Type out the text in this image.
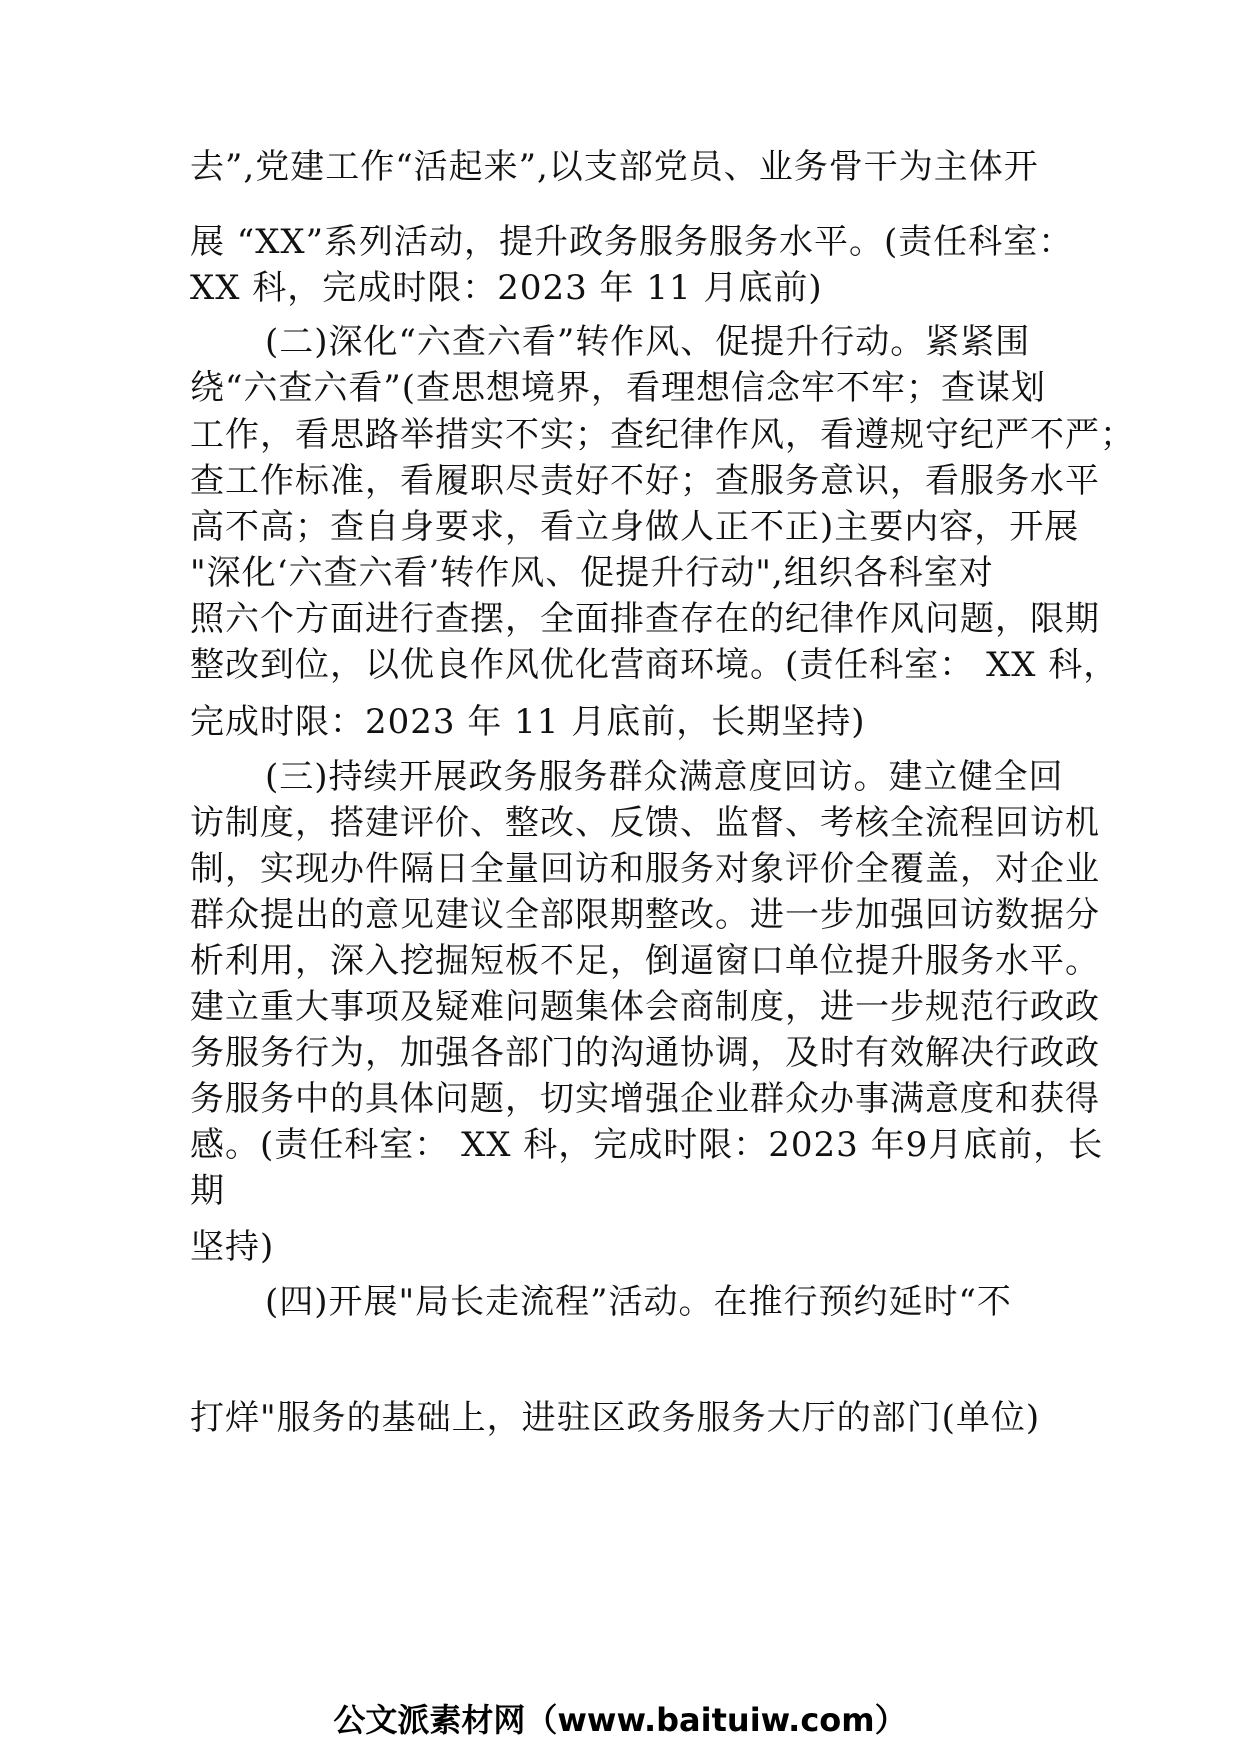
去”,党建工作“活起来”,以支部党员、业务骨干为主体开
展 “XX”系列活动，提升政务服务服务水平。(责任科室：
XX 科，完成时限：2023 年 11 月底前)
(二)深化“六查六看”转作风、促提升行动。紧紧围
绕“六查六看”(查思想境界，看理想信念牢不牢；查谋划
工作，看思路举措实不实；查纪律作风，看遵规守纪严不严；
查工作标准，看履职尽责好不好；查服务意识，看服务水平
高不高；查自身要求，看立身做人正不正)主要内容，开展
"深化‘六查六看’转作风、促提升行动",组织各科室对
照六个方面进行查摆，全面排查存在的纪律作风问题，限期
整改到位，以优良作风优化营商环境。(责任科室： XX 科，
完成时限：2023 年 11 月底前，长期坚持)
(三)持续开展政务服务群众满意度回访。建立健全回
访制度，搭建评价、整改、反馈、监督、考核全流程回访机
制，实现办件隔日全量回访和服务对象评价全覆盖，对企业
群众提出的意见建议全部限期整改。进一步加强回访数据分
析利用，深入挖掘短板不足，倒逼窗口单位提升服务水平。
建立重大事项及疑难问题集体会商制度，进一步规范行政政
务服务行为，加强各部门的沟通协调，及时有效解决行政政
务服务中的具体问题，切实增强企业群众办事满意度和获得
感。(责任科室： XX 科，完成时限：2023 年9月底前，长
期
坚持)
(四)开展"局长走流程”活动。在推行预约延时“不
打烊"服务的基础上，进驻区政务服务大厅的部门(单位)
公文派素材网（www.baituiw.com）
